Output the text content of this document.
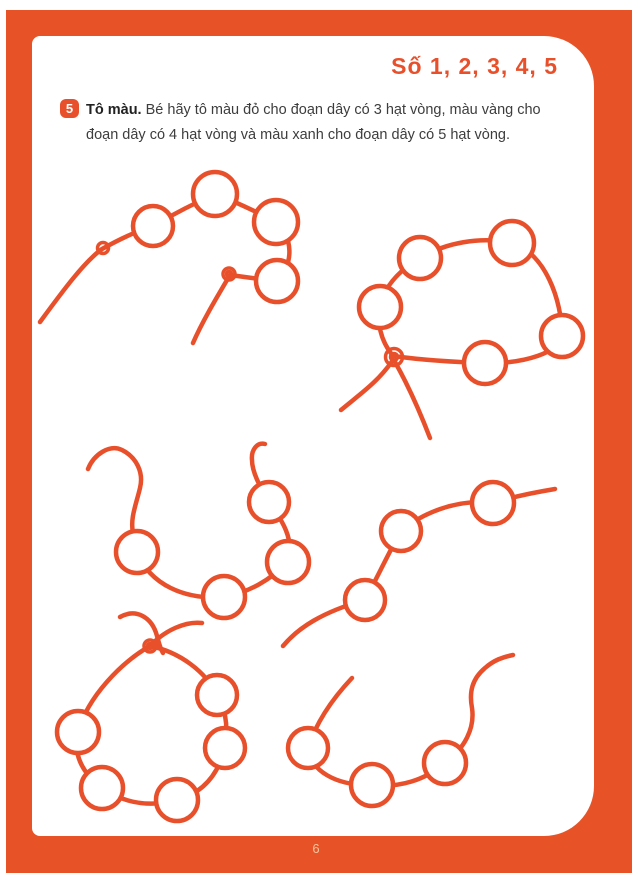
Số 1, 2, 3, 4, 5
5 Tô màu. Bé hãy tô màu đỏ cho đoạn dây có 3 hạt vòng, màu vàng cho đoạn dây có 4 hạt vòng và màu xanh cho đoạn dây có 5 hạt vòng.

6
